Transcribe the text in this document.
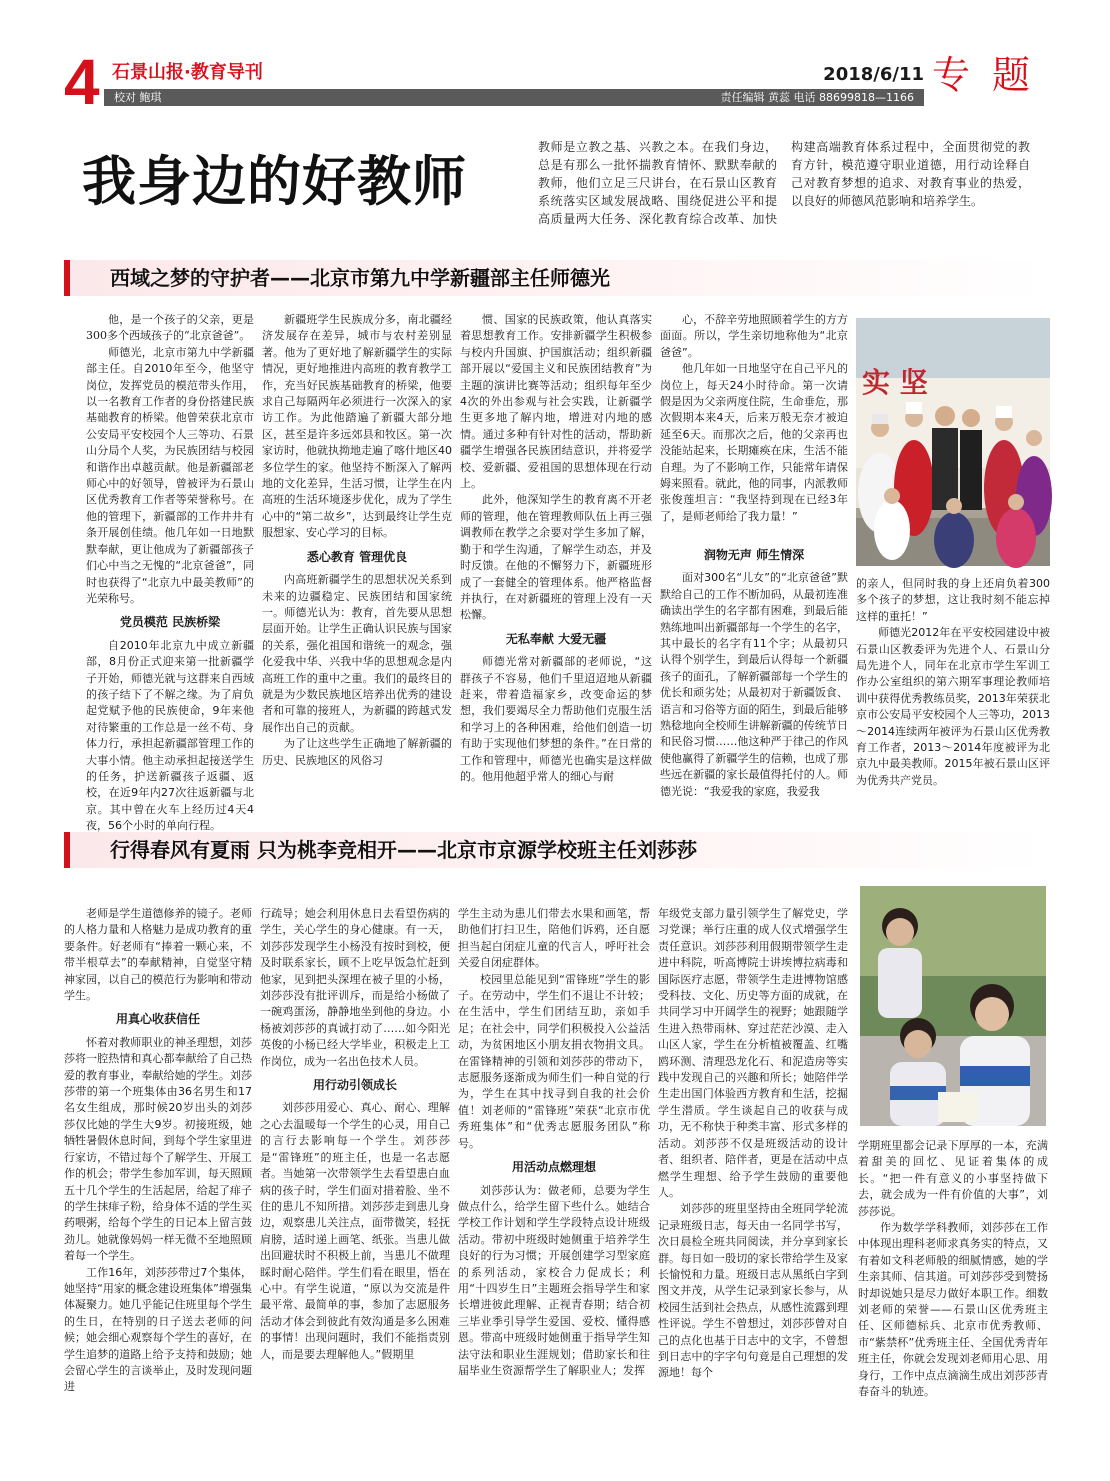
4 石景山报·教育导刊	2018/6/11 专题
校对 鲍琪	责任编辑 黄蕊 电话 88699818—1166
我身边的好教师
教师是立教之基、兴教之本。在我们身边，总是有那么一批怀揣教育情怀、默默奉献的教师，他们立足三尺讲台，在石景山区教育系统落实区域发展战略、围绕促进公平和提高质量两大任务、深化教育综合改革、加快构建高端教育体系过程中，全面贯彻党的教育方针，模范遵守职业道德，用行动诠释自己对教育梦想的追求、对教育事业的热爱，以良好的师德风范影响和培养学生。
西域之梦的守护者——北京市第九中学新疆部主任师德光

他，是一个孩子的父亲，更是300多个西域孩子的“北京爸爸”。

师德光，北京市第九中学新疆部主任。自2010年至今，他坚守岗位，发挥党员的模范带头作用，以一名教育工作者的身份搭建民族基础教育的桥梁。他曾荣获北京市公安局平安校园个人三等功、石景山分局个人奖，为民族团结与校园和谐作出卓越贡献。他是新疆部老师心中的好领导，曾被评为石景山区优秀教育工作者等荣誉称号。在他的管理下，新疆部的工作井井有条开展创佳绩。他几年如一日地默默奉献，更让他成为了新疆部孩子们心中当之无愧的“北京爸爸”，同时也获得了“北京九中最美教师”的光荣称号。

党员模范 民族桥梁

自2010年北京九中成立新疆部，8月份正式迎来第一批新疆学子开始，师德光就与这群来自西域的孩子结下了不解之缘。为了肩负起党赋予他的民族使命，9年来他对待繁重的工作总是一丝不苟、身体力行，承担起新疆部管理工作的大事小情。他主动承担起接送学生的任务，护送新疆孩子返疆、返校，在近9年内27次往返新疆与北京。其中曾在火车上经历过4天4夜，56个小时的单向行程。

新疆班学生民族成分多，南北疆经济发展存在差异，城市与农村差别显著。他为了更好地了解新疆学生的实际情况，更好地推进内高班的教育教学工作，充当好民族基础教育的桥梁，他要求自己每隔两年必须进行一次深入的家访工作。为此他踏遍了新疆大部分地区，甚至是许多远郊县和牧区。第一次家访时，他就执拗地走遍了喀什地区40多位学生的家。他坚持不断深入了解两地的文化差异，生活习惯，让学生在内高班的生活环境逐步优化，成为了学生心中的“第二故乡”，达到最终让学生克服想家、安心学习的目标。

悉心教育 管理优良

内高班新疆学生的思想状况关系到未来的边疆稳定、民族团结和国家统一。师德光认为：教育，首先要从思想层面开始。让学生正确认识民族与国家的关系，强化祖国和谐统一的观念，强化爱我中华、兴我中华的思想观念是内高班工作的重中之重。我们的最终目的就是为少数民族地区培养出优秀的建设者和可靠的接班人，为新疆的跨越式发展作出自己的贡献。

为了让这些学生正确地了解新疆的历史、民族地区的风俗习

惯、国家的民族政策，他认真落实着思想教育工作。安排新疆学生积极参与校内升国旗、护国旗活动；组织新疆部开展以“爱国主义和民族团结教育”为主题的演讲比赛等活动；组织每年至少4次的外出参观与社会实践，让新疆学生更多地了解内地，增进对内地的感情。通过多种有针对性的活动，帮助新疆学生增强各民族团结意识，并将爱学校、爱新疆、爱祖国的思想体现在行动上。

此外，他深知学生的教育离不开老师的管理，他在管理教师队伍上再三强调教师在教学之余要对学生多加了解，勤于和学生沟通，了解学生动态，并及时反馈。在他的不懈努力下，新疆班形成了一套健全的管理体系。他严格监督并执行，在对新疆班的管理上没有一天松懈。

无私奉献 大爱无疆

师德光常对新疆部的老师说，“这群孩子不容易，他们千里迢迢地从新疆赶来，带着造福家乡，改变命运的梦想，我们要竭尽全力帮助他们克服生活和学习上的各种困难，给他们创造一切有助于实现他们梦想的条件。”在日常的工作和管理中，师德光也确实是这样做的。他用他超乎常人的细心与耐

心，不辞辛劳地照顾着学生的方方面面。所以，学生亲切地称他为“北京爸爸”。

他几年如一日地坚守在自己平凡的岗位上，每天24小时待命。第一次请假是因为父亲两度住院，生命垂危，那次假期本来4天，后来万般无奈才被迫延至6天。而那次之后，他的父亲再也没能站起来，长期瘫痪在床，生活不能自理。为了不影响工作，只能常年请保姆来照看。就此，他的同事，内派教师张俊莲坦言：“我坚持到现在已经3年了，是师老师给了我力量！”

润物无声 师生情深

面对300名“儿女”的“北京爸爸”默默给自己的工作不断加码，从最初连准确读出学生的名字都有困难，到最后能熟练地叫出新疆部每一个学生的名字，其中最长的名字有11个字；从最初只认得个别学生，到最后认得每一个新疆孩子的面孔，了解新疆部每一个学生的优长和顽劣处；从最初对于新疆饭食、语言和习俗等方面的陌生，到最后能够熟稔地向全校师生讲解新疆的传统节日和民俗习惯……他这种严于律己的作风使他赢得了新疆学生的信赖，也成了那些远在新疆的家长最值得托付的人。师德光说：“我爱我的家庭，我爱我

的亲人，但同时我的身上还肩负着300多个孩子的梦想，这让我时刻不能忘掉这样的重托！”

师德光2012年在平安校园建设中被石景山区教委评为先进个人、石景山分局先进个人，同年在北京市学生军训工作办公室组织的第六期军事理论教师培训中获得优秀教练员奖，2013年荣获北京市公安局平安校园个人三等功，2013～2014连续两年被评为石景山区优秀教育工作者，2013～2014年度被评为北京九中最美教师。2015年被石景山区评为优秀共产党员。

实 坚
行得春风有夏雨 只为桃李竞相开——北京市京源学校班主任刘莎莎

老师是学生道德修养的镜子。老师的人格力量和人格魅力是成功教育的重要条件。好老师有“捧着一颗心来，不带半根草去”的奉献精神，自觉坚守精神家园，以自己的模范行为影响和带动学生。

用真心收获信任

怀着对教师职业的神圣理想，刘莎莎将一腔热情和真心都奉献给了自己热爱的教育事业，奉献给她的学生。刘莎莎带的第一个班集体由36名男生和17名女生组成，那时候20岁出头的刘莎莎仅比她的学生大9岁。初接班级，她牺牲暑假休息时间，到每个学生家里进行家访，不错过每个了解学生、开展工作的机会；带学生参加军训，每天照顾五十几个学生的生活起居，给起了痱子的学生抹痱子粉，给身体不适的学生买药喂粥，给每个学生的日记本上留言鼓劲儿。她就像妈妈一样无微不至地照顾着每一个学生。

工作16年，刘莎莎带过7个集体，她坚持“用家的概念建设班集体”增强集体凝聚力。她几乎能记住班里每个学生的生日，在特别的日子送去老师的问候；她会细心观察每个学生的喜好，在学生追梦的道路上给予支持和鼓励；她会留心学生的言谈举止，及时发现问题进

行疏导；她会利用休息日去看望伤病的学生，关心学生的身心健康。有一天，刘莎莎发现学生小杨没有按时到校，便及时联系家长，顾不上吃早饭急忙赶到他家，见到把头深埋在被子里的小杨，刘莎莎没有批评训斥，而是给小杨做了一碗鸡蛋汤，静静地坐到他的身边。小杨被刘莎莎的真诚打动了……如今阳光英俊的小杨已经大学毕业，积极走上工作岗位，成为一名出色技术人员。

用行动引领成长

刘莎莎用爱心、真心、耐心、理解之心去温暖每一个学生的心灵，用自己的言行去影响每一个学生。刘莎莎是“雷锋班”的班主任，也是一名志愿者。当她第一次带领学生去看望患白血病的孩子时，学生们面对措着脸、坐不住的患儿不知所措。刘莎莎走到患儿身边，观察患儿关注点，面带微笑，轻抚肩膀，适时递上画笔、纸张。当患儿做出回避状时不积极上前，当患儿不做理睬时耐心陪伴。学生们看在眼里，悟在心中。有学生说道，“原以为交流是件最平常、最简单的事，参加了志愿服务活动才体会到彼此有效沟通是多么困难的事情！出现问题时，我们不能指责别人，而是要去理解他人。”假期里

学生主动为患儿们带去水果和画笔，帮助他们打扫卫生，陪他们诉鸦，还自愿担当起白闭症儿童的代言人，呼吁社会关爱自闭症群体。

校园里总能见到“雷锋班”学生的影子。在劳动中，学生们不退让不计较；在生活中，学生们团结互助，亲如手足；在社会中，同学们积极投入公益活动，为贫困地区小朋友捐衣物捐文具。在雷锋精神的引领和刘莎莎的带动下，志愿服务逐渐成为师生们一种自觉的行为，学生在其中找寻到自我的社会价值！刘老师的“雷锋班”荣获“北京市优秀班集体”和“优秀志愿服务团队”称号。

用活动点燃理想

刘莎莎认为：做老师，总要为学生做点什么，给学生留下些什么。她结合学校工作计划和学生学段特点设计班级活动。带初中班级时她侧重于培养学生良好的行为习惯；开展创建学习型家庭的系列活动，家校合力促成长；利用“十四岁生日”主题班会指导学生和家长增进彼此理解、正视青春期；结合初三毕业季引导学生爱国、爱校、懂得感恩。带高中班级时她侧重于指导学生知法守法和职业生涯规划；借助家长和往届毕业生资源帮学生了解职业人；发挥

年级党支部力量引领学生了解党史，学习党课；举行庄重的成人仪式增强学生责任意识。刘莎莎利用假期带领学生走进中科院，听高博院士讲埃博拉病毒和国际医疗志愿，带领学生走进博物馆感受科技、文化、历史等方面的成就，在共同学习中开阔学生的视野；她跟随学生进入热带雨林、穿过茫茫沙漠、走入山区人家，学生在分析植被覆盖、红嘴鸥环测、清理恐龙化石、和泥造房等实践中发现自己的兴趣和所长；她陪伴学生走出国门体验西方教育和生活，挖掘学生潜质。学生谈起自己的收获与成功，无不称快于种类丰富、形式多样的活动。刘莎莎不仅是班级活动的设计者、组织者、陪伴者，更是在活动中点燃学生理想、给予学生鼓励的重要他人。

刘莎莎的班里坚持由全班同学轮流记录班级日志，每天由一名同学书写，次日晨检全班共同阅读，并分享到家长群。每日如一殷切的家长带给学生及家长愉悦和力量。班级日志从黑纸白字到图文并茂，从学生记录到家长参与，从校园生活到社会热点，从感性流露到理性评说。学生不曾想过，刘莎莎曾对自己的点化也基于日志中的文字，不曾想到日志中的字字句句竟是自己理想的发源地！每个

学期班里都会记录下厚厚的一本，充满着甜美的回忆、见证着集体的成长。“把一件有意义的小事坚持做下去，就会成为一件有价值的大事”，刘莎莎说。

作为数学学科教师，刘莎莎在工作中体现出理科老师求真务实的特点，又有着如文科老师般的细腻情感，她的学生亲其师、信其道。可刘莎莎受到赞扬时却说她只是尽力做好本职工作。细数刘老师的荣誉——石景山区优秀班主任、区师德标兵、北京市优秀教师、市“紫禁杯”优秀班主任、全国优秀青年班主任，你就会发现刘老师用心思、用身行，工作中点点滴滴生成出刘莎莎青春奋斗的轨迹。
